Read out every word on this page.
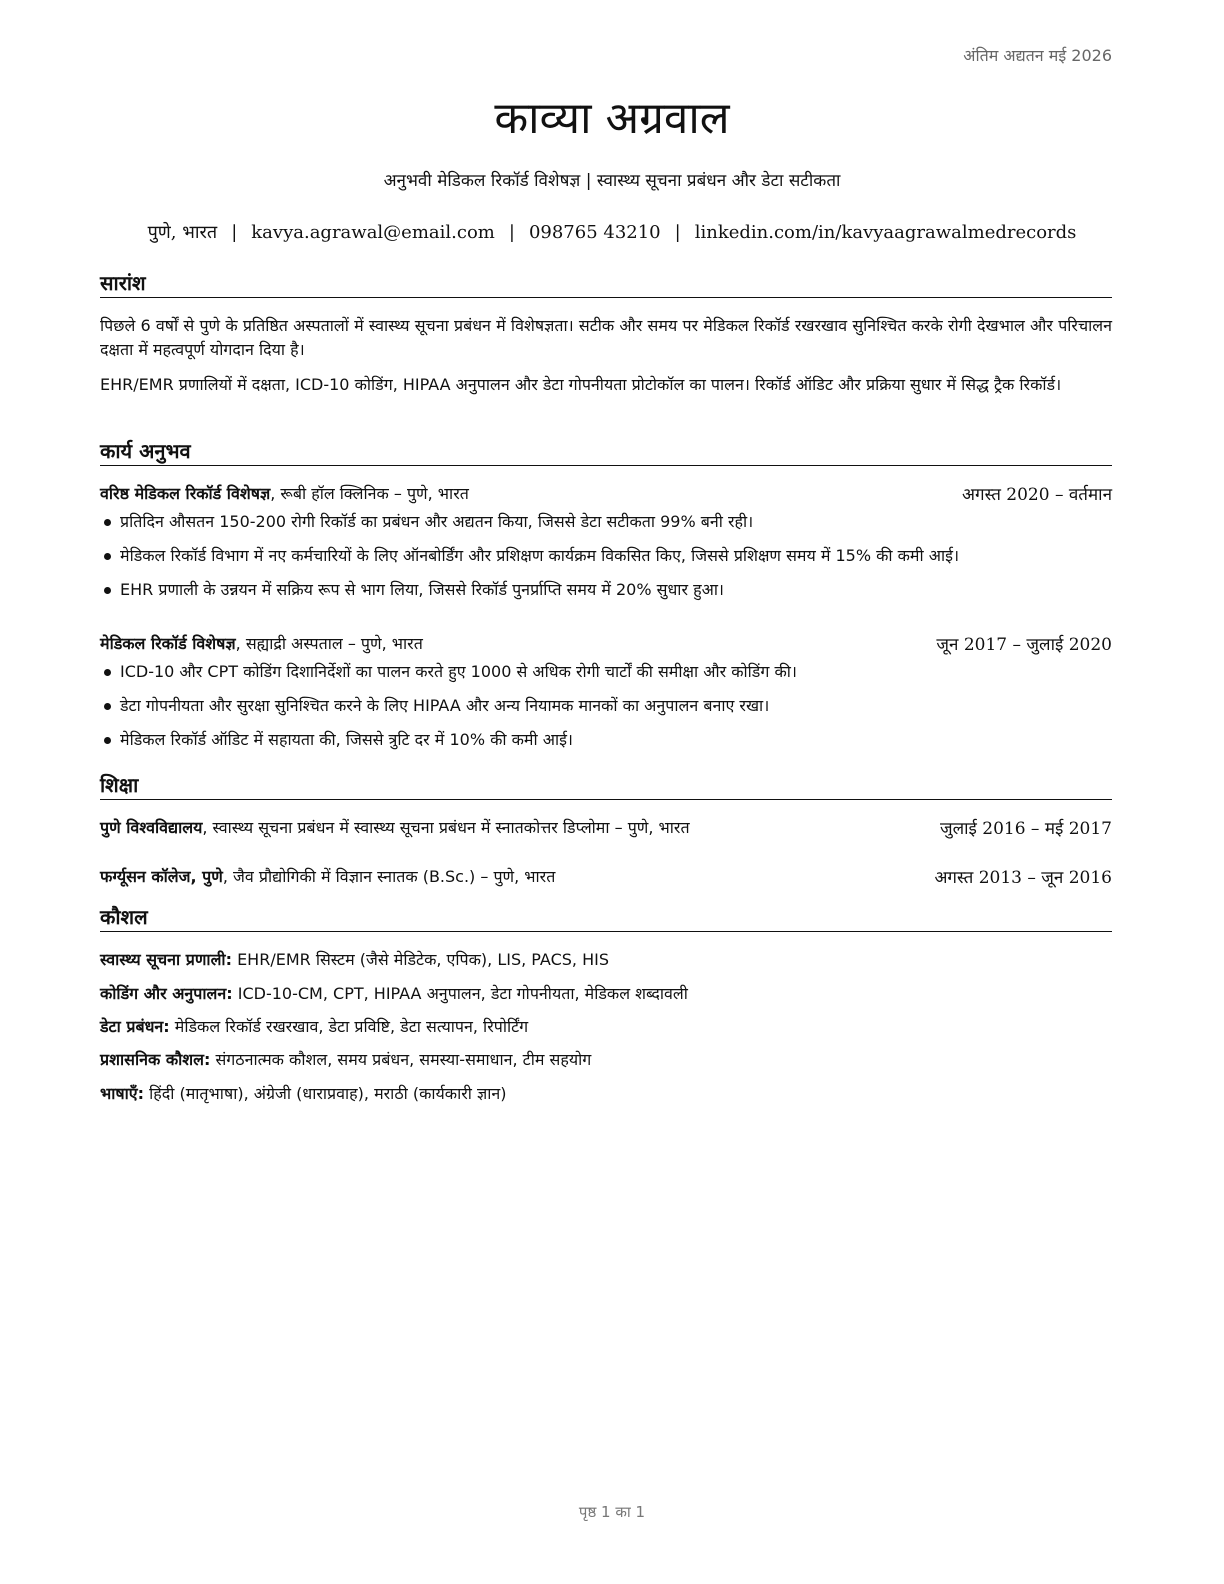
अंतिम अद्यतन मई 2026
काव्या अग्रवाल
अनुभवी मेडिकल रिकॉर्ड विशेषज्ञ | स्वास्थ्य सूचना प्रबंधन और डेटा सटीकता
पुणे, भारत | kavya.agrawal@email.com | 098765 43210 | linkedin.com/in/kavyaagrawalmedrecords
सारांश
पिछले 6 वर्षों से पुणे के प्रतिष्ठित अस्पतालों में स्वास्थ्य सूचना प्रबंधन में विशेषज्ञता। सटीक और समय पर मेडिकल रिकॉर्ड रखरखाव सुनिश्चित करके रोगी देखभाल और परिचालन दक्षता में महत्वपूर्ण योगदान दिया है।
EHR/EMR प्रणालियों में दक्षता, ICD-10 कोडिंग, HIPAA अनुपालन और डेटा गोपनीयता प्रोटोकॉल का पालन। रिकॉर्ड ऑडिट और प्रक्रिया सुधार में सिद्ध ट्रैक रिकॉर्ड।
कार्य अनुभव
वरिष्ठ मेडिकल रिकॉर्ड विशेषज्ञ, रूबी हॉल क्लिनिक – पुणे, भारत	अगस्त 2020 – वर्तमान
प्रतिदिन औसतन 150-200 रोगी रिकॉर्ड का प्रबंधन और अद्यतन किया, जिससे डेटा सटीकता 99% बनी रही।
मेडिकल रिकॉर्ड विभाग में नए कर्मचारियों के लिए ऑनबोर्डिंग और प्रशिक्षण कार्यक्रम विकसित किए, जिससे प्रशिक्षण समय में 15% की कमी आई।
EHR प्रणाली के उन्नयन में सक्रिय रूप से भाग लिया, जिससे रिकॉर्ड पुनर्प्राप्ति समय में 20% सुधार हुआ।
मेडिकल रिकॉर्ड विशेषज्ञ, सह्याद्री अस्पताल – पुणे, भारत	जून 2017 – जुलाई 2020
ICD-10 और CPT कोडिंग दिशानिर्देशों का पालन करते हुए 1000 से अधिक रोगी चार्टों की समीक्षा और कोडिंग की।
डेटा गोपनीयता और सुरक्षा सुनिश्चित करने के लिए HIPAA और अन्य नियामक मानकों का अनुपालन बनाए रखा।
मेडिकल रिकॉर्ड ऑडिट में सहायता की, जिससे त्रुटि दर में 10% की कमी आई।
शिक्षा
पुणे विश्वविद्यालय, स्वास्थ्य सूचना प्रबंधन में स्वास्थ्य सूचना प्रबंधन में स्नातकोत्तर डिप्लोमा – पुणे, भारत	जुलाई 2016 – मई 2017
फर्ग्यूसन कॉलेज, पुणे, जैव प्रौद्योगिकी में विज्ञान स्नातक (B.Sc.) – पुणे, भारत	अगस्त 2013 – जून 2016
कौशल
स्वास्थ्य सूचना प्रणाली: EHR/EMR सिस्टम (जैसे मेडिटेक, एपिक), LIS, PACS, HIS
कोडिंग और अनुपालन: ICD-10-CM, CPT, HIPAA अनुपालन, डेटा गोपनीयता, मेडिकल शब्दावली
डेटा प्रबंधन: मेडिकल रिकॉर्ड रखरखाव, डेटा प्रविष्टि, डेटा सत्यापन, रिपोर्टिंग
प्रशासनिक कौशल: संगठनात्मक कौशल, समय प्रबंधन, समस्या-समाधान, टीम सहयोग
भाषाएँ: हिंदी (मातृभाषा), अंग्रेजी (धाराप्रवाह), मराठी (कार्यकारी ज्ञान)
पृष्ठ 1 का 1
